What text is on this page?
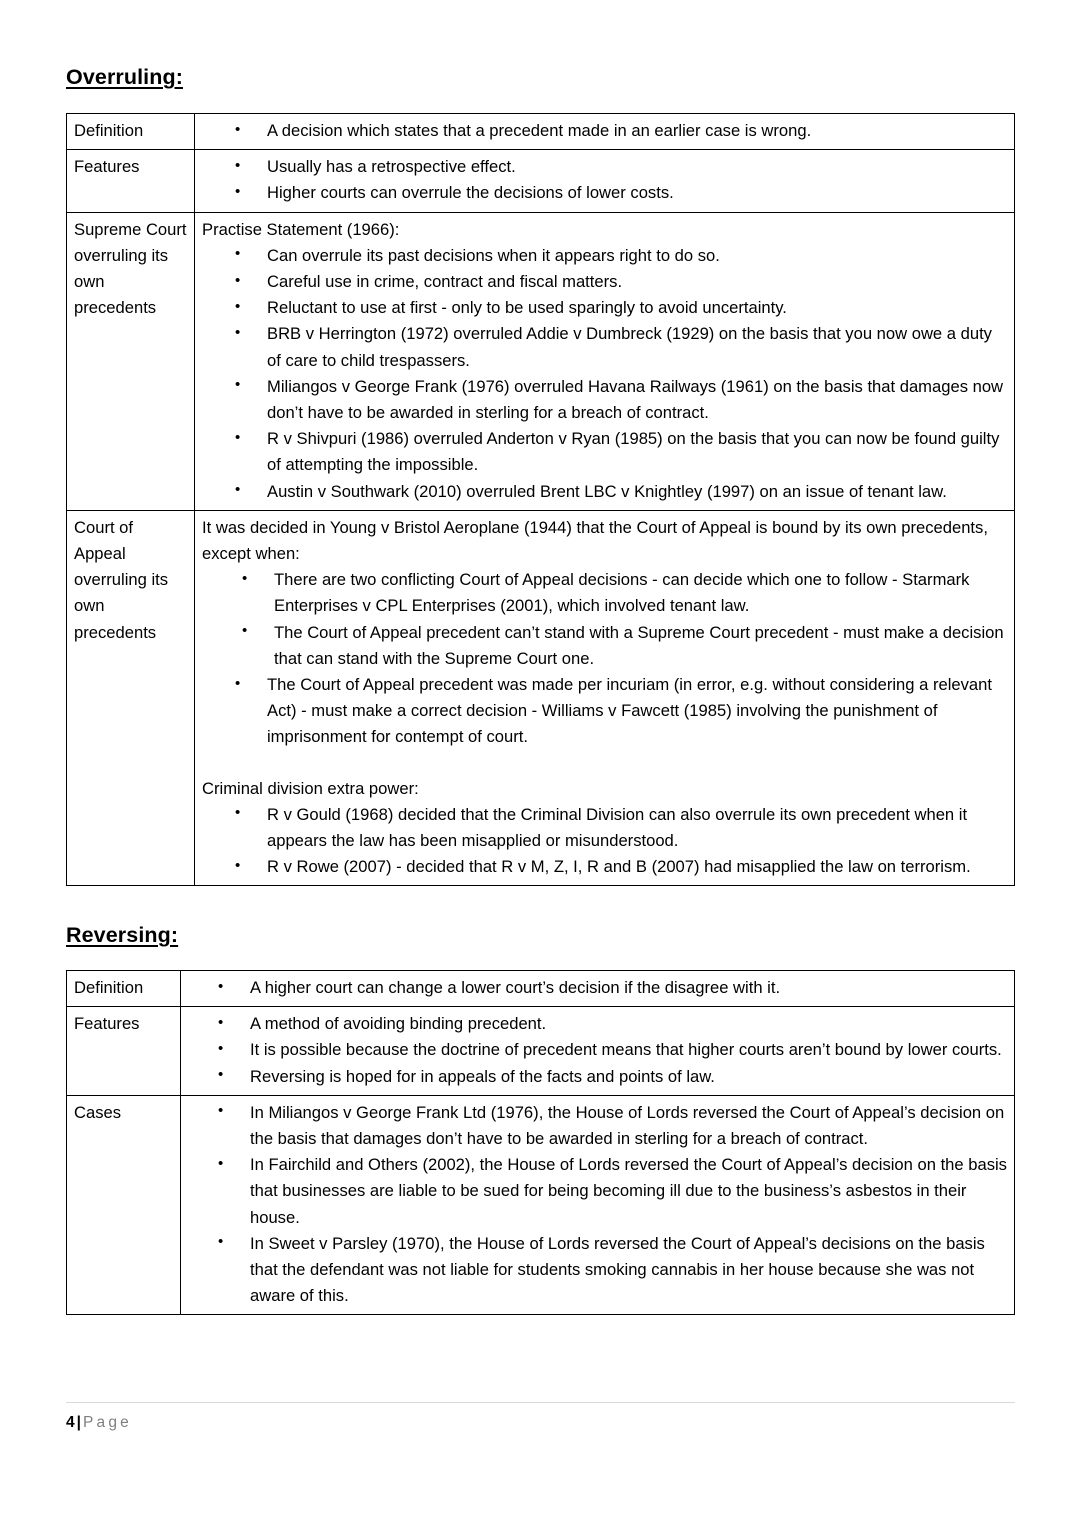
Overruling:
Definition	
•A decision which states that a precedent made in an earlier case is wrong.

Features	
•Usually has a retrospective effect.
• Higher courts can overrule the decisions of lower costs.

Supreme Court overruling its own precedents	

Practise Statement (1966):

• Can overrule its past decisions when it appears right to do so.
• Careful use in crime, contract and fiscal matters.
• Reluctant to use at first - only to be used sparingly to avoid uncertainty.
• BRB v Herrington (1972) overruled Addie v Dumbreck (1929) on the basis that you now owe a duty of care to child trespassers.
• Miliangos v George Frank (1976) overruled Havana Railways (1961) on the basis that damages now don’t have to be awarded in sterling for a breach of contract.
• R v Shivpuri (1986) overruled Anderton v Ryan (1985) on the basis that you can now be found guilty of attempting the impossible.
• Austin v Southwark (2010) overruled Brent LBC v Knightley (1997) on an issue of tenant law.

Court of Appeal overruling its own precedents	

It was decided in Young v Bristol Aeroplane (1944) that the Court of Appeal is bound by its own precedents, except when:

• There are two conflicting Court of Appeal decisions - can decide which one to follow - Starmark Enterprises v CPL Enterprises (2001), which involved tenant law.
• The Court of Appeal precedent can’t stand with a Supreme Court precedent - must make a decision that can stand with the Supreme Court one.
• The Court of Appeal precedent was made per incuriam (in error, e.g. without considering a relevant Act) - must make a correct decision - Williams v Fawcett (1985) involving the punishment of imprisonment for contempt of court.

Criminal division extra power:

• R v Gould (1968) decided that the Criminal Division can also overrule its own precedent when it appears the law has been misapplied or misunderstood.
• R v Rowe (2007) - decided that R v M, Z, I, R and B (2007) had misapplied the law on terrorism.
Reversing:
Definition	
•A higher court can change a lower court’s decision if the disagree with it.

Features	
•A method of avoiding binding precedent.
• It is possible because the doctrine of precedent means that higher courts aren’t bound by lower courts.
• Reversing is hoped for in appeals of the facts and points of law.

Cases	
•In Miliangos v George Frank Ltd (1976), the House of Lords reversed the Court of Appeal’s decision on the basis that damages don’t have to be awarded in sterling for a breach of contract.
• In Fairchild and Others (2002), the House of Lords reversed the Court of Appeal’s decision on the basis that businesses are liable to be sued for being becoming ill due to the business’s asbestos in their house.
• In Sweet v Parsley (1970), the House of Lords reversed the Court of Appeal’s decisions on the basis that the defendant was not liable for students smoking cannabis in her house because she was not aware of this.
4 | Page
